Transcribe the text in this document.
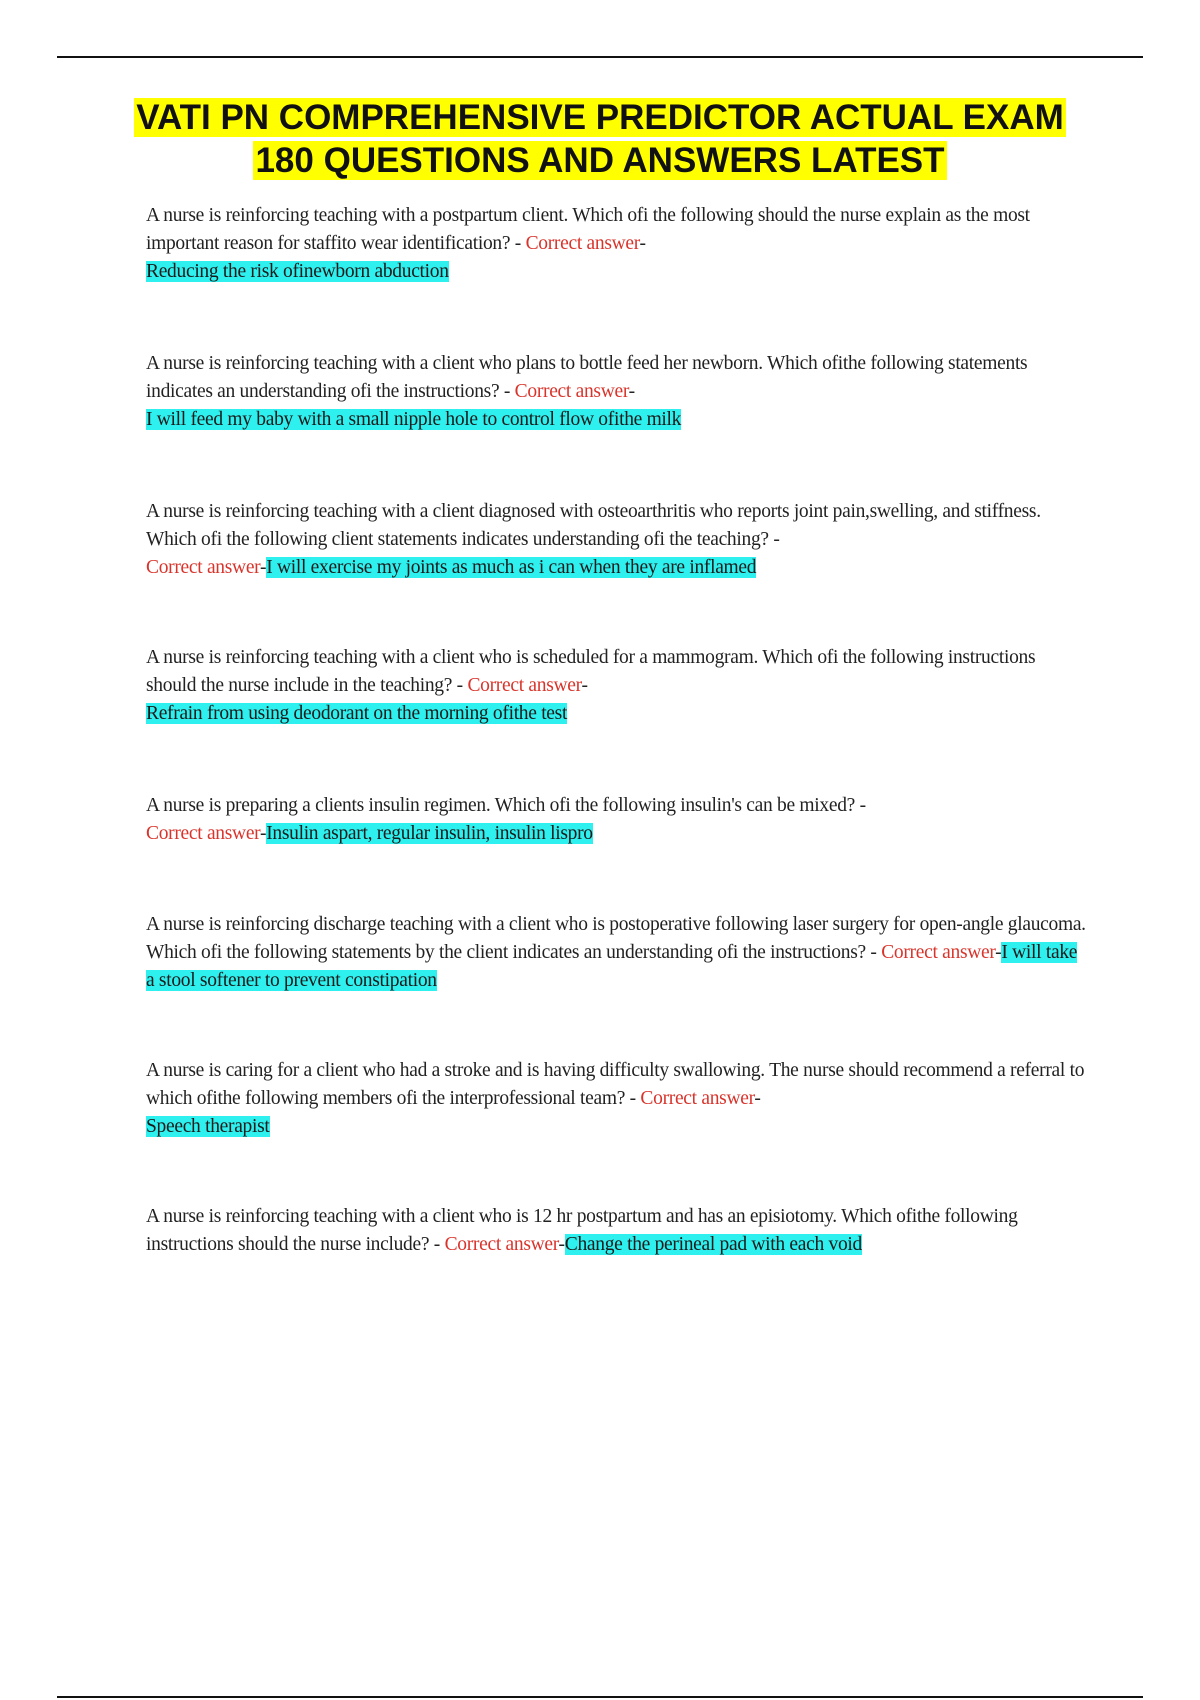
VATI PN COMPREHENSIVE PREDICTOR ACTUAL EXAM
180 QUESTIONS AND ANSWERS LATEST

A nurse is reinforcing teaching with a postpartum client. Which ofi the following should the nurse explain as the most important reason for staffito wear identification? - Correct answer-
Reducing the risk ofinewborn abduction

A nurse is reinforcing teaching with a client who plans to bottle feed her newborn. Which ofithe following statements indicates an understanding ofi the instructions? - Correct answer-
I will feed my baby with a small nipple hole to control flow ofithe milk

A nurse is reinforcing teaching with a client diagnosed with osteoarthritis who reports joint pain,swelling, and stiffness. Which ofi the following client statements indicates understanding ofi the teaching? -
Correct answer-I will exercise my joints as much as i can when they are inflamed

A nurse is reinforcing teaching with a client who is scheduled for a mammogram. Which ofi the following instructions should the nurse include in the teaching? - Correct answer-
Refrain from using deodorant on the morning ofithe test

A nurse is preparing a clients insulin regimen. Which ofi the following insulin's can be mixed? -
Correct answer-Insulin aspart, regular insulin, insulin lispro

A nurse is reinforcing discharge teaching with a client who is postoperative following laser surgery for open-angle glaucoma. Which ofi the following statements by the client indicates an understanding ofi the instructions? - Correct answer-I will take a stool softener to prevent constipation

A nurse is caring for a client who had a stroke and is having difficulty swallowing. The nurse should recommend a referral to which ofithe following members ofi the interprofessional team? - Correct answer-
Speech therapist

A nurse is reinforcing teaching with a client who is 12 hr postpartum and has an episiotomy. Which ofithe following instructions should the nurse include? - Correct answer-Change the perineal pad with each void
